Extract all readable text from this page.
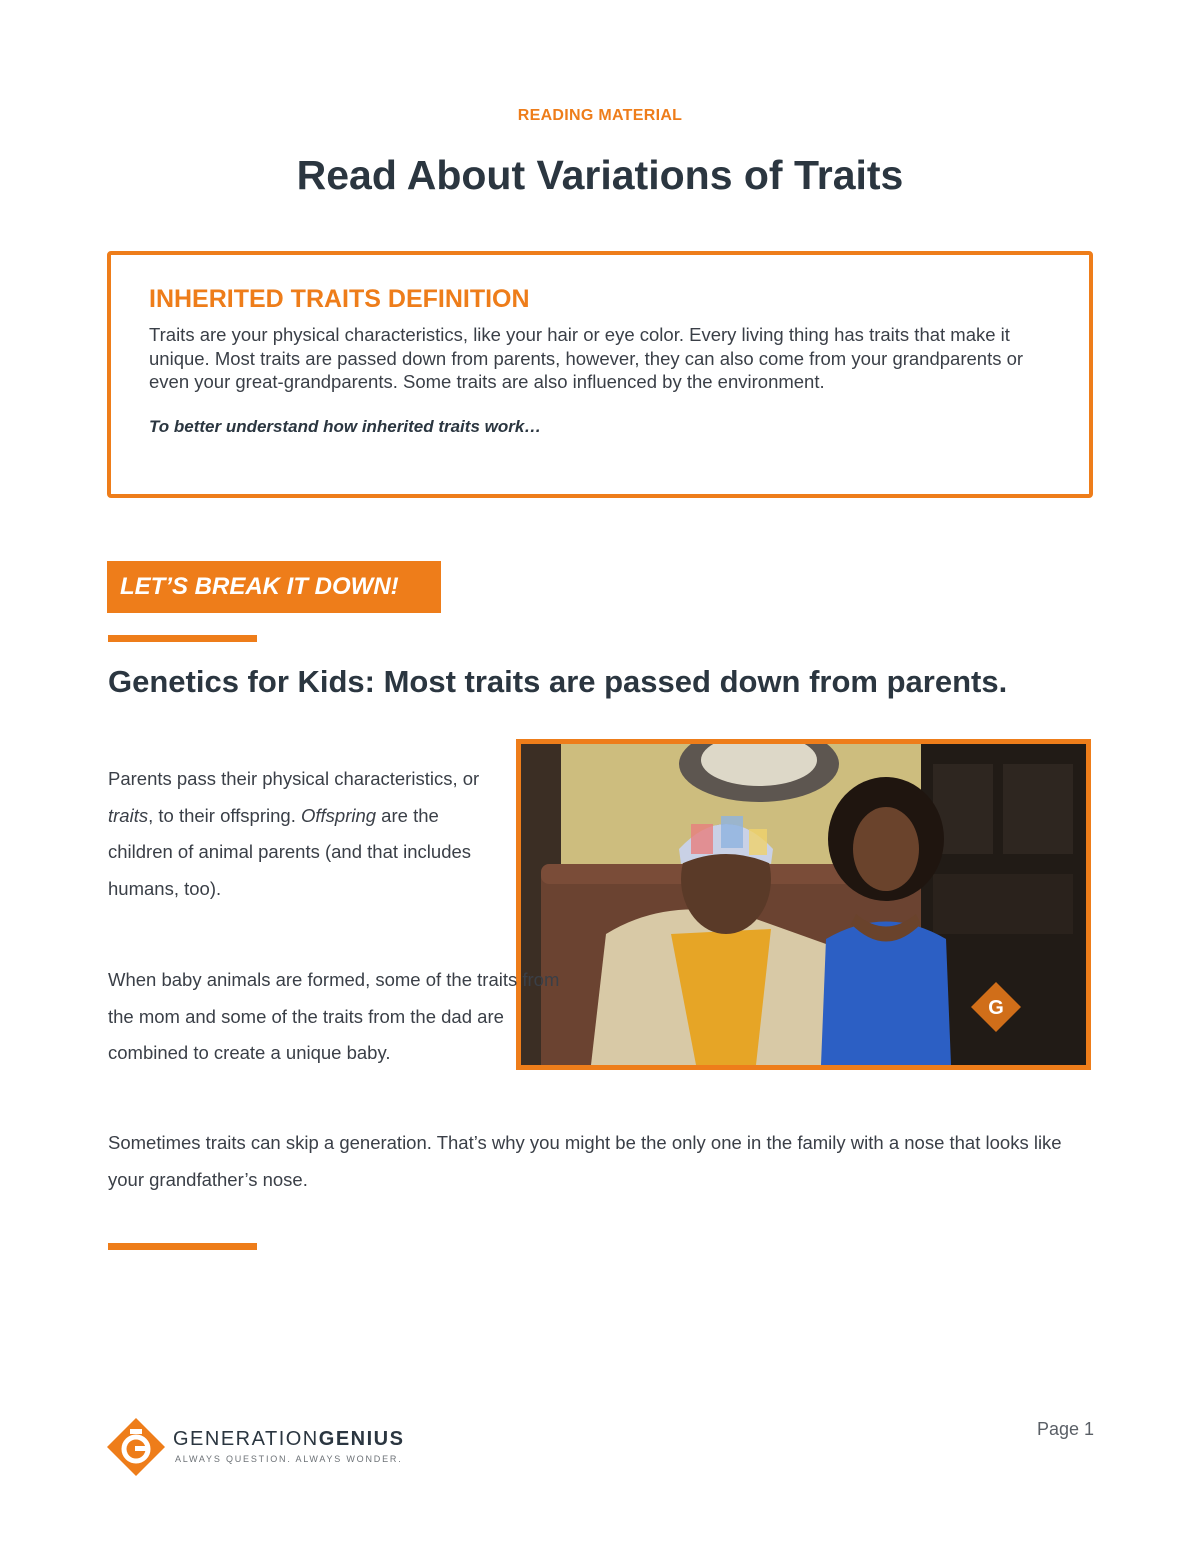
READING MATERIAL
Read About Variations of Traits
INHERITED TRAITS DEFINITION

Traits are your physical characteristics, like your hair or eye color. Every living thing has traits that make it unique. Most traits are passed down from parents, however, they can also come from your grandparents or even your great-grandparents. Some traits are also influenced by the environment.

To better understand how inherited traits work…

LET’S BREAK IT DOWN!
Genetics for Kids: Most traits are passed down from parents.
G

Parents pass their physical characteristics, or traits, to their offspring. Offspring are the children of animal parents (and that includes humans, too).

When baby animals are formed, some of the traits from the mom and some of the traits from the dad are combined to create a unique baby.

Sometimes traits can skip a generation. That’s why you might be the only one in the family with a nose that looks like your grandfather’s nose.

GENERATIONGENIUS
ALWAYS QUESTION. ALWAYS WONDER.
Page 1
